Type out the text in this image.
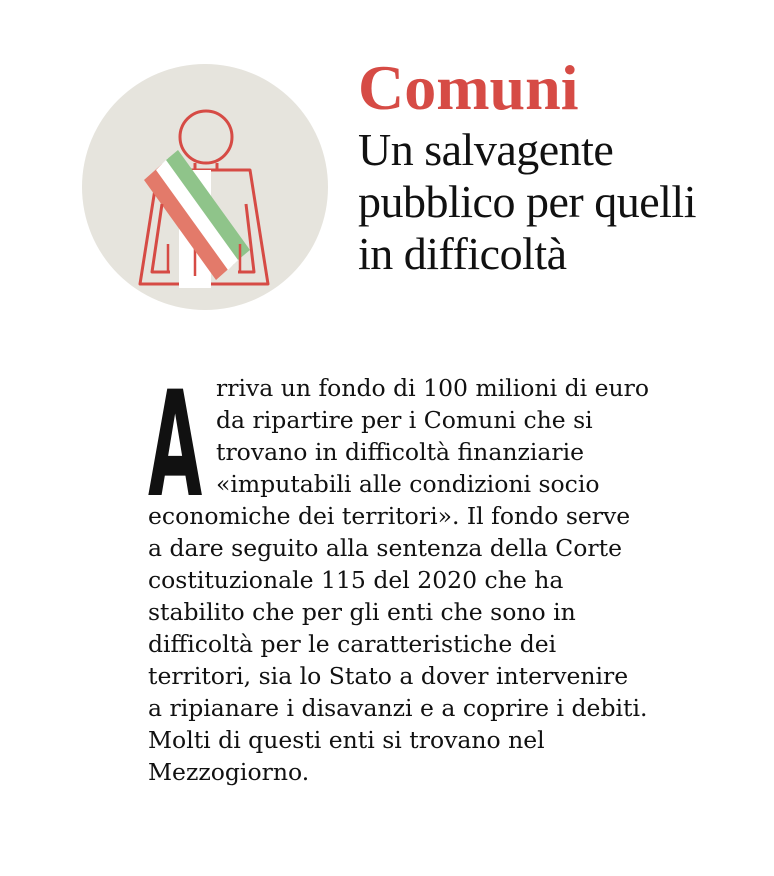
Comuni
Un salvagente
pubblico per quelli
in difficoltà
A rriva un fondo di 100 milioni di euro
da ripartire per i Comuni che si
trovano in difficoltà finanziarie
«imputabili alle condizioni socio
economiche dei territori». Il fondo serve
a dare seguito alla sentenza della Corte
costituzionale 115 del 2020 che ha
stabilito che per gli enti che sono in
difficoltà per le caratteristiche dei
territori, sia lo Stato a dover intervenire
a ripianare i disavanzi e a coprire i debiti.
Molti di questi enti si trovano nel
Mezzogiorno.
